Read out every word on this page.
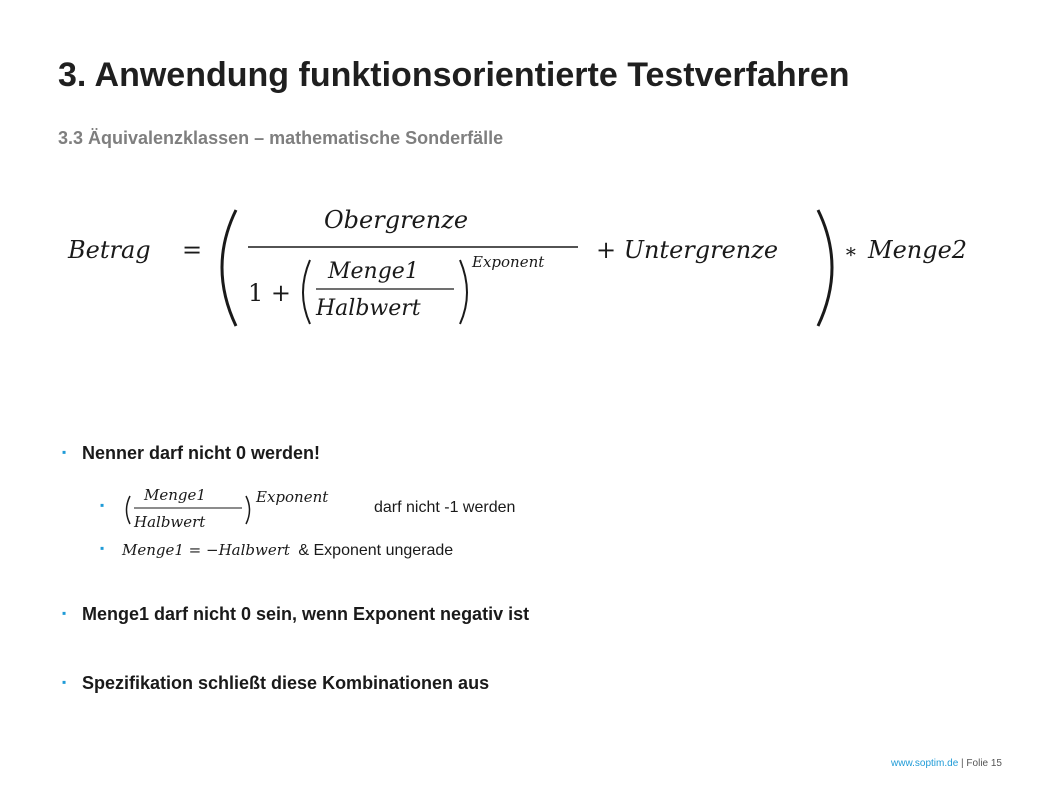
3. Anwendung funktionsorientierte Testverfahren
3.3 Äquivalenzklassen – mathematische Sonderfälle
Betrag =
Obergrenze
1 +
Menge1
Halbwert
Exponent + Untergrenze	∗ Menge2
▪ Nenner darf nicht 0 werden!
▪
Menge1
Halbwert
Exponent
darf nicht -1 werden
▪ Menge1 = −Halbwert & Exponent ungerade
▪ Menge1 darf nicht 0 sein, wenn Exponent negativ ist
▪ Spezifikation schließt diese Kombinationen aus
www.soptim.de | Folie 15
